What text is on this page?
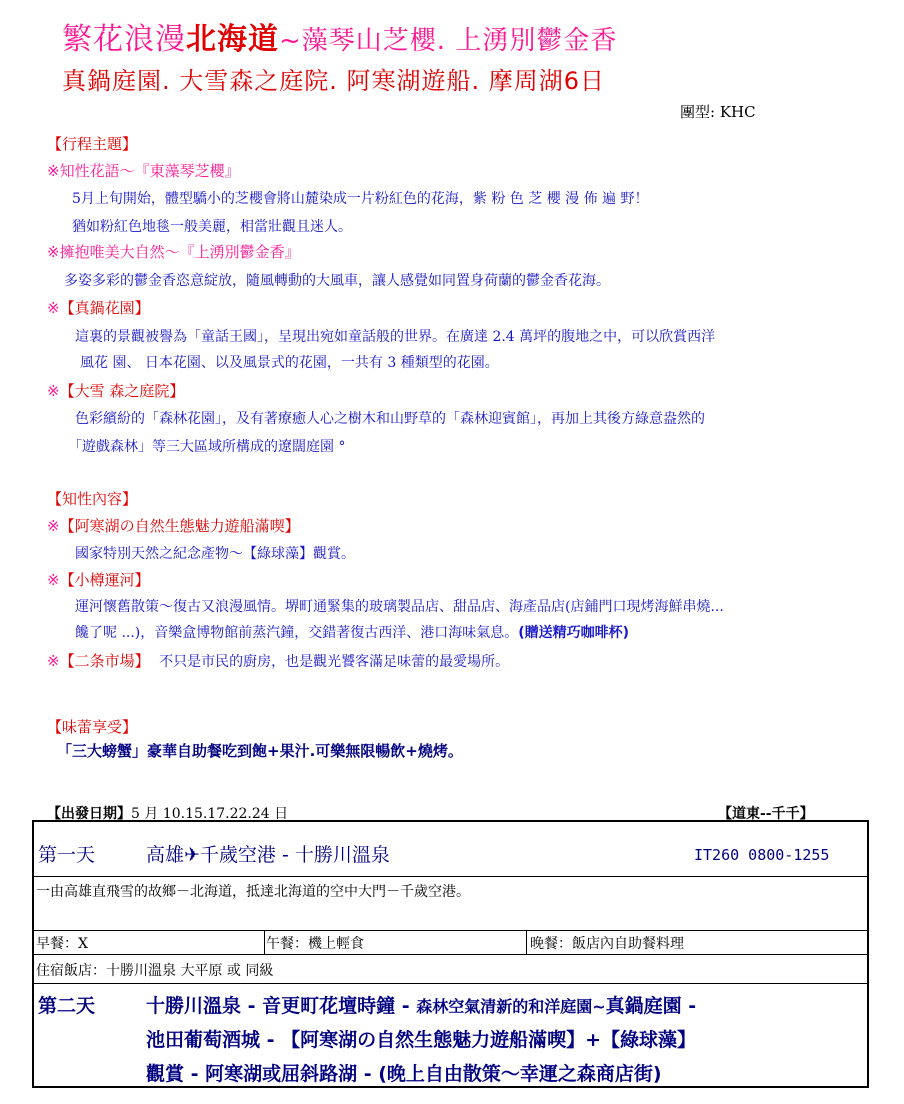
繁花浪漫北海道~藻琴山芝櫻. 上湧別鬱金香
真鍋庭園. 大雪森之庭院. 阿寒湖遊船. 摩周湖6日
團型: KHC
【行程主題】
※知性花語～『東藻琴芝櫻』
5月上旬開始，體型驕小的芝櫻會將山麓染成一片粉紅色的花海，紫 粉 色 芝 櫻 漫 佈 遍 野！
猶如粉紅色地毯一般美麗，相當壯觀且迷人。
※擁抱唯美大自然～『上湧別鬱金香』
多姿多彩的鬱金香恣意綻放，隨風轉動的大風車，讓人感覺如同置身荷蘭的鬱金香花海。
※【真鍋花園】
這裏的景觀被譽為「童話王國」，呈現出宛如童話般的世界。在廣達 2.4 萬坪的腹地之中，可以欣賞西洋
風花 園、 日本花園、以及風景式的花園，一共有 3 種類型的花園。
※【大雪 森之庭院】
色彩繽紛的「森林花園」，及有著療癒人心之樹木和山野草的「森林迎賓館」，再加上其後方綠意盎然的
「遊戲森林」等三大區域所構成的遼闊庭園 °
【知性內容】
※【阿寒湖の自然生態魅力遊船滿喫】
國家特別天然之紀念產物～【綠球藻】觀賞。
※【小樽運河】
運河懷舊散策～復古又浪漫風情。堺町通緊集的玻璃製品店、甜品店、海產品店(店鋪門口現烤海鮮串燒...
饞了呢 ...)，音樂盒博物館前蒸汽鐘，交錯著復古西洋、港口海味氣息。(贈送精巧咖啡杯)
※【二条市場】 不只是市民的廚房，也是觀光饕客滿足味蕾的最愛場所。
【味蕾享受】
「三大螃蟹」豪華自助餐吃到飽+果汁.可樂無限暢飲+燒烤。
【出發日期】5 月 10.15.17.22.24 日	【道東--千千】
第一天	高雄✈千歲空港 - 十勝川溫泉	IT260 0800-1255
一由高雄直飛雪的故鄉－北海道，抵達北海道的空中大門－千歲空港。
早餐：X	午餐：機上輕食	晚餐：飯店內自助餐料理
住宿飯店：十勝川溫泉 大平原 或 同級
第二天	十勝川溫泉 - 音更町花壇時鐘 - 森林空氣清新的和洋庭園~真鍋庭園 -
池田葡萄酒城 - 【阿寒湖の自然生態魅力遊船滿喫】+【綠球藻】
觀賞 - 阿寒湖或屈斜路湖 - (晚上自由散策～幸運之森商店街)
